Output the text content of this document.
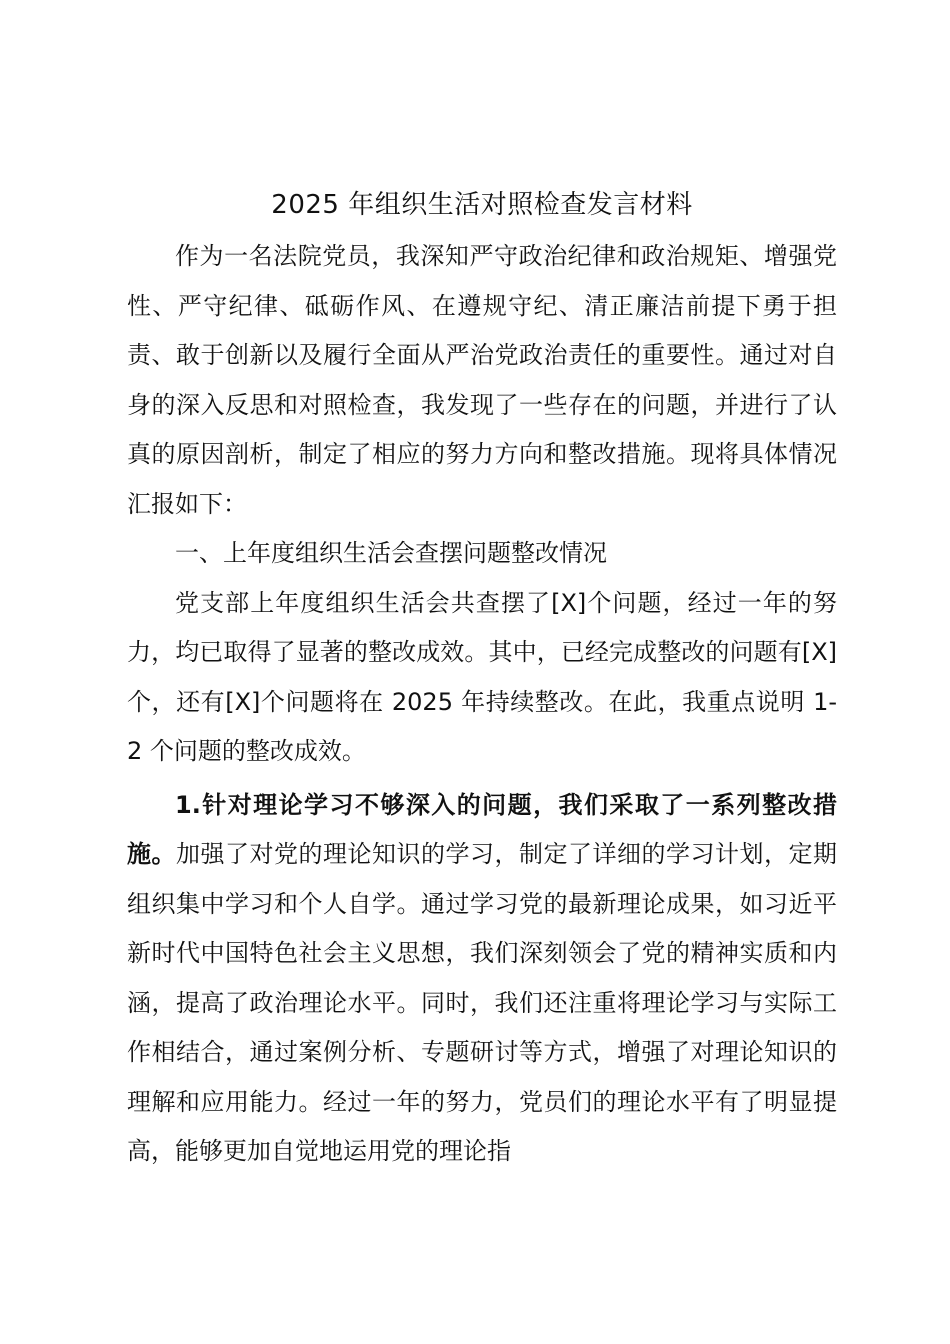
2025 年组织生活对照检查发言材料

作为一名法院党员，我深知严守政治纪律和政治规矩、增强党性、严守纪律、砥砺作风、在遵规守纪、清正廉洁前提下勇于担责、敢于创新以及履行全面从严治党政治责任的重要性。通过对自身的深入反思和对照检查，我发现了一些存在的问题，并进行了认真的原因剖析，制定了相应的努力方向和整改措施。现将具体情况汇报如下：

一、上年度组织生活会查摆问题整改情况

党支部上年度组织生活会共查摆了[X]个问题，经过一年的努力，均已取得了显著的整改成效。其中，已经完成整改的问题有[X]个，还有[X]个问题将在 2025 年持续整改。在此，我重点说明 1-2 个问题的整改成效。

1.针对理论学习不够深入的问题，我们采取了一系列整改措施。加强了对党的理论知识的学习，制定了详细的学习计划，定期组织集中学习和个人自学。通过学习党的最新理论成果，如习近平新时代中国特色社会主义思想，我们深刻领会了党的精神实质和内涵，提高了政治理论水平。同时，我们还注重将理论学习与实际工作相结合，通过案例分析、专题研讨等方式，增强了对理论知识的理解和应用能力。经过一年的努力，党员们的理论水平有了明显提高，能够更加自觉地运用党的理论指
